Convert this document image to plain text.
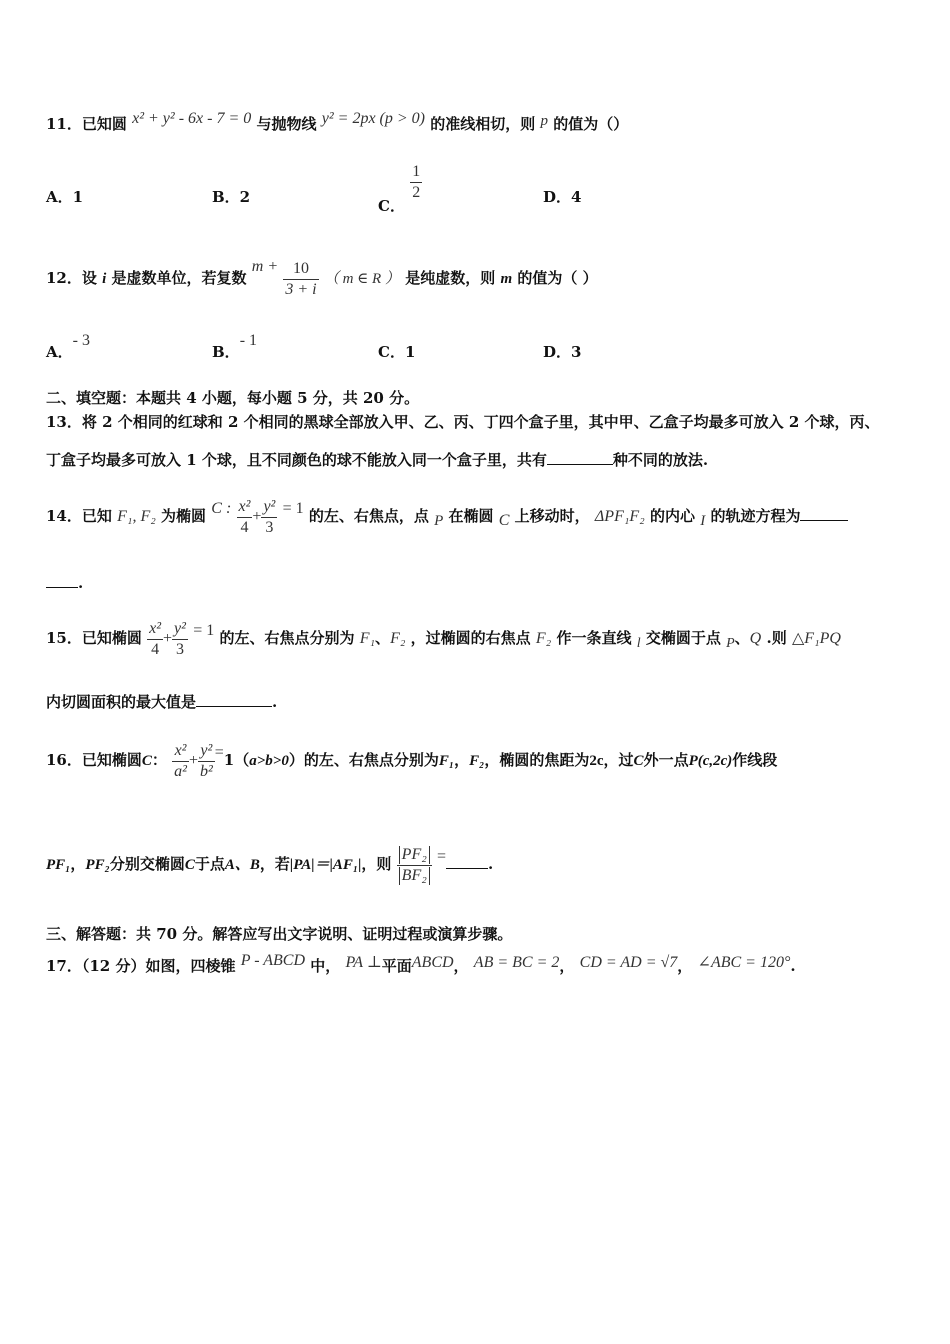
11．已知圆 x² + y² - 6x - 7 = 0 与抛物线 y² = 2px (p > 0) 的准线相切，则 p 的值为（）
A．1	B．2	C．
$\frac{1}{2}$	D．4
12．设 i 是虚数单位，若复数 $m + \frac{10}{3 + i}$ （ m ∈ R ） 是纯虚数，则 m 的值为（ ）
A．- 3
B．- 1
C．1	D．3
二、填空题：本题共 4 小题，每小题 5 分，共 20 分。
13．将 2 个相同的红球和 2 个相同的黑球全部放入甲、乙、丙、丁四个盒子里，其中甲、乙盒子均最多可放入 2 个球，丙、
丁盒子均最多可放入 1 个球，且不同颜色的球不能放入同一个盒子里，共有	种不同的放法.
14．已知 F₁, F₂ 为椭圆 C : $\frac{\text{x²}}{4} + \frac{\text{y²}}{3} = 1$ 的左、右焦点，点 P 在椭圆 C 上移动时， ΔPF₁F₂ 的内心 I 的轨迹方程为
.
15．已知椭圆 $\frac{\text{x²}}{4} + \frac{\text{y²}}{3} = 1$ 的左、右焦点分别为 F₁、F₂ ，过椭圆的右焦点 F₂ 作一条直线 l 交椭圆于点 P、Q .则 △F₁PQ
内切圆面积的最大值是	.
16．已知椭圆C： $\frac{\text{x²}}{\text{a²}} + \frac{\text{y²}}{\text{b²}} =1(a>b>0)$的左、右焦点分别为F₁，F₂，椭圆的焦距为2c，过C外一点P(c,2c)作线段
PF₁，PF₂分别交椭圆C于点A、B，若|PA|＝|AF₁|，则 $\frac{\text{PF₂}}{\text{BF₂}}$ =	.
三、解答题：共 70 分。解答应写出文字说明、证明过程或演算步骤。
17．（12 分）如图，四棱锥 P - ABCD 中， PA ⊥平面ABCD， AB = BC = 2， CD = AD = √7， ∠ABC = 120°.
